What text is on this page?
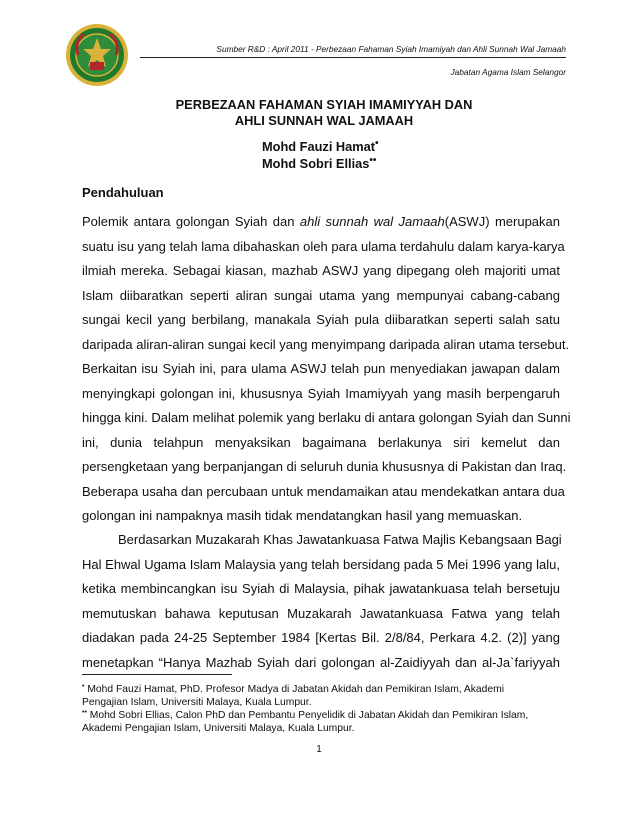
Sumber R&D : April 2011 - Perbezaan Fahaman Syiah Imamiyah dan Ahli Sunnah Wal Jamaah
Jabatan Agama Islam Selangor
PERBEZAAN FAHAMAN SYIAH IMAMIYYAH DAN
AHLI SUNNAH WAL JAMAAH
Mohd Fauzi Hamat•
Mohd Sobri Ellias••
Pendahuluan
Polemik antara golongan Syiah dan ahli sunnah wal Jamaah(ASWJ) merupakan
suatu isu yang telah lama dibahaskan oleh para ulama terdahulu dalam karya-karya
ilmiah mereka. Sebagai kiasan, mazhab ASWJ yang dipegang oleh majoriti umat
Islam diibaratkan seperti aliran sungai utama yang mempunyai cabang-cabang
sungai kecil yang berbilang, manakala Syiah pula diibaratkan seperti salah satu
daripada aliran-aliran sungai kecil yang menyimpang daripada aliran utama tersebut.
Berkaitan isu Syiah ini, para ulama ASWJ telah pun menyediakan jawapan dalam
menyingkapi golongan ini, khususnya Syiah Imamiyyah yang masih berpengaruh
hingga kini. Dalam melihat polemik yang berlaku di antara golongan Syiah dan Sunni
ini, dunia telahpun menyaksikan bagaimana berlakunya siri kemelut dan
persengketaan yang berpanjangan di seluruh dunia khususnya di Pakistan dan Iraq.
Beberapa usaha dan percubaan untuk mendamaikan atau mendekatkan antara dua
golongan ini nampaknya masih tidak mendatangkan hasil yang memuaskan.
Berdasarkan Muzakarah Khas Jawatankuasa Fatwa Majlis Kebangsaan Bagi
Hal Ehwal Ugama Islam Malaysia yang telah bersidang pada 5 Mei 1996 yang lalu,
ketika membincangkan isu Syiah di Malaysia, pihak jawatankuasa telah bersetuju
memutuskan bahawa keputusan Muzakarah Jawatankuasa Fatwa yang telah
diadakan pada 24-25 September 1984 [Kertas Bil. 2/8/84, Perkara 4.2. (2)] yang
menetapkan “Hanya Mazhab Syiah dari golongan al-Zaidiyyah dan al-Ja`fariyyah
• Mohd Fauzi Hamat, PhD. Profesor Madya di Jabatan Akidah dan Pemikiran Islam, Akademi
Pengajian Islam, Universiti Malaya, Kuala Lumpur.
•• Mohd Sobri Ellias, Calon PhD dan Pembantu Penyelidik di Jabatan Akidah dan Pemikiran Islam,
Akademi Pengajian Islam, Universiti Malaya, Kuala Lumpur.
1
